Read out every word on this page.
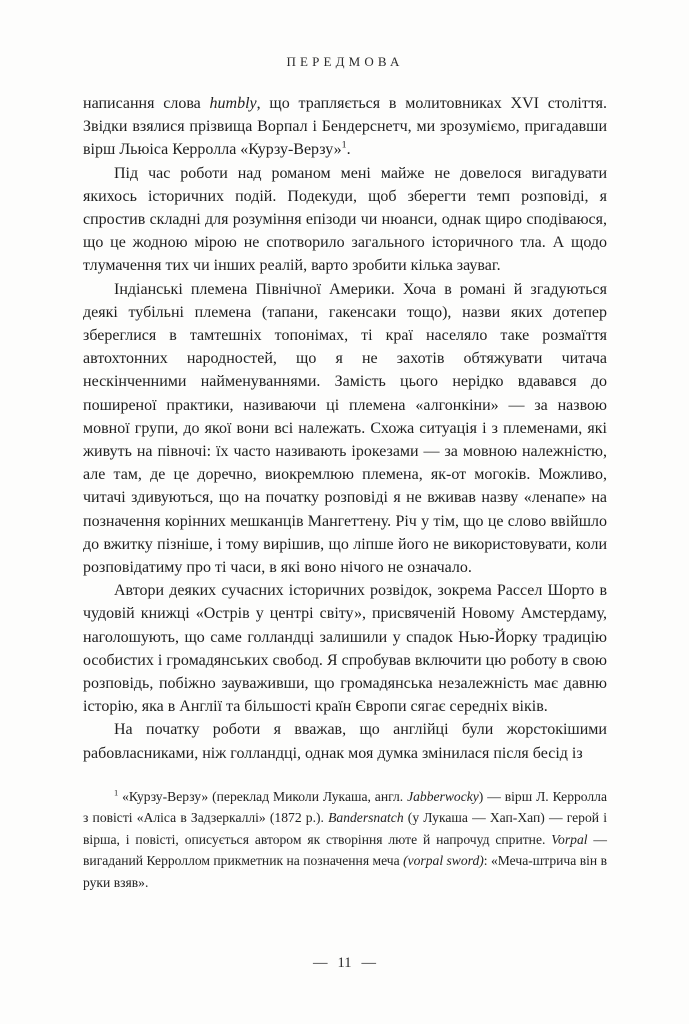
ПЕРЕДМОВА

написання слова humbly, що трапляється в молитовниках XVI століття. Звідки взялися прізвища Ворпал і Бендерснетч, ми зрозуміємо, пригадавши вірш Льюіса Керролла «Курзу-Верзу»$^1$.

Під час роботи над романом мені майже не довелося вигадувати якихось історичних подій. Подекуди, щоб зберегти темп розповіді, я спростив складні для розуміння епізоди чи нюанси, однак щиро сподіваюся, що це жодною мірою не спотворило загального історичного тла. А щодо тлумачення тих чи інших реалій, варто зробити кілька зауваг.

Індіанські племена Північної Америки. Хоча в романі й згадуються деякі тубільні племена (тапани, гакенсаки тощо), назви яких дотепер збереглися в тамтешніх топонімах, ті краї населяло таке розмаїття автохтонних народностей, що я не захотів обтяжувати читача нескінченними найменуваннями. Замість цього нерідко вдавався до поширеної практики, називаючи ці племена «алгонкіни» — за назвою мовної групи, до якої вони всі належать. Схожа ситуація і з племенами, які живуть на півночі: їх часто називають ірокезами — за мовною належністю, але там, де це доречно, виокремлюю племена, як-от могоків. Можливо, читачі здивуються, що на початку розповіді я не вживав назву «ленапе» на позначення корінних мешканців Мангеттену. Річ у тім, що це слово ввійшло до вжитку пізніше, і тому вирішив, що ліпше його не використовувати, коли розповідатиму про ті часи, в які воно нічого не означало.

Автори деяких сучасних історичних розвідок, зокрема Рассел Шорто в чудовій книжці «Острів у центрі світу», присвяченій Новому Амстердаму, наголошують, що саме голландці залишили у спадок Нью-Йорку традицію особистих і громадянських свобод. Я спробував включити цю роботу в свою розповідь, побіжно зауваживши, що громадянська незалежність має давню історію, яка в Англії та більшості країн Європи сягає середніх віків.

На початку роботи я вважав, що англійці були жорстокішими рабовласниками, ніж голландці, однак моя думка змінилася після бесід із

$^1$ «Курзу-Верзу» (переклад Миколи Лукаша, англ. Jabberwocky) — вірш Л. Керролла з повісті «Аліса в Задзеркаллі» (1872 р.). Bandersnatch (у Лукаша — Хап-Хап) — герой і вірша, і повісті, описується автором як створіння люте й напрочуд спритне. Vorpal — вигаданий Керроллом прикметник на позначення меча (vorpal sword): «Меча-штрича він в руки взяв».

— 11 —
